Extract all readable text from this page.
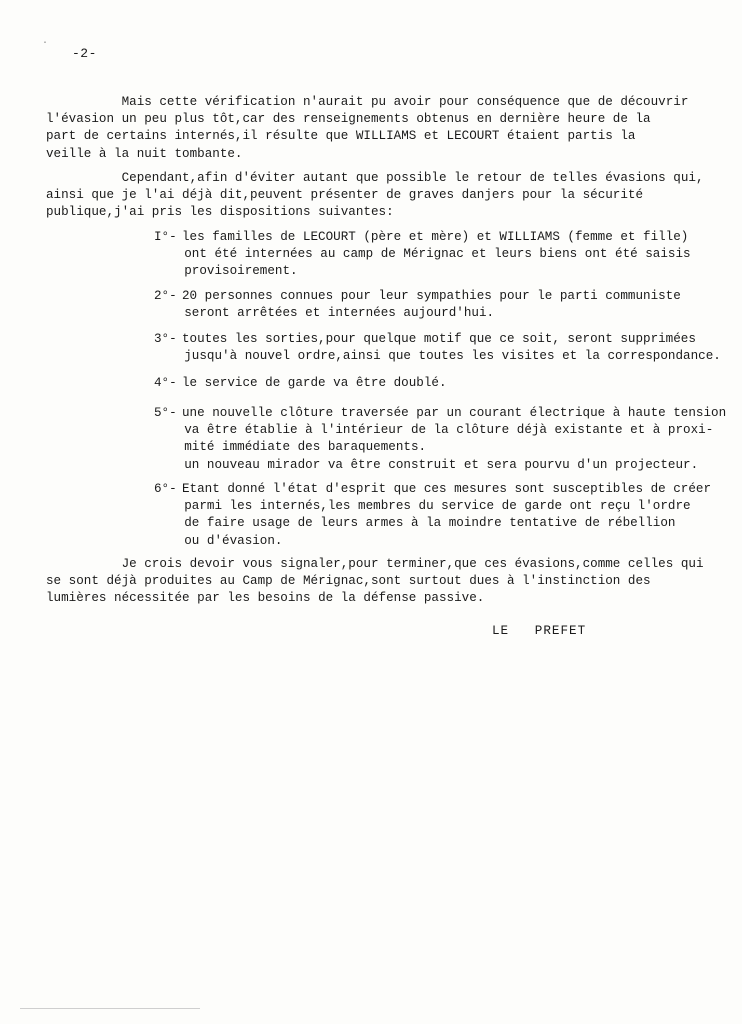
·
-2-
Mais cette vérification n'aurait pu avoir pour conséquence que de découvrir
l'évasion un peu plus tôt,car des renseignements obtenus en dernière heure de la
part de certains internés,il résulte que WILLIAMS et LECOURT étaient partis la
veille à la nuit tombante.
Cependant,afin d'éviter autant que possible le retour de telles évasions qui,
ainsi que je l'ai déjà dit,peuvent présenter de graves danjers pour la sécurité
publique,j'ai pris les dispositions suivantes:
I°- les familles de LECOURT (père et mère) et WILLIAMS (femme et fille)
ont été internées au camp de Mérignac et leurs biens ont été saisis
provisoirement.
2°- 20 personnes connues pour leur sympathies pour le parti communiste
seront arrêtées et internées aujourd'hui.
3°- toutes les sorties,pour quelque motif que ce soit, seront supprimées
jusqu'à nouvel ordre,ainsi que toutes les visites et la correspondance.
4°- le service de garde va être doublé.
5°- une nouvelle clôture traversée par un courant électrique à haute tension
va être établie à l'intérieur de la clôture déjà existante et à proxi-
mité immédiate des baraquements.
un nouveau mirador va être construit et sera pourvu d'un projecteur.
6°- Etant donné l'état d'esprit que ces mesures sont susceptibles de créer
parmi les internés,les membres du service de garde ont reçu l'ordre
de faire usage de leurs armes à la moindre tentative de rébellion
ou d'évasion.
Je crois devoir vous signaler,pour terminer,que ces évasions,comme celles qui
se sont déjà produites au Camp de Mérignac,sont surtout dues à l'instinction des
lumières nécessitée par les besoins de la défense passive.
LE   PREFET
